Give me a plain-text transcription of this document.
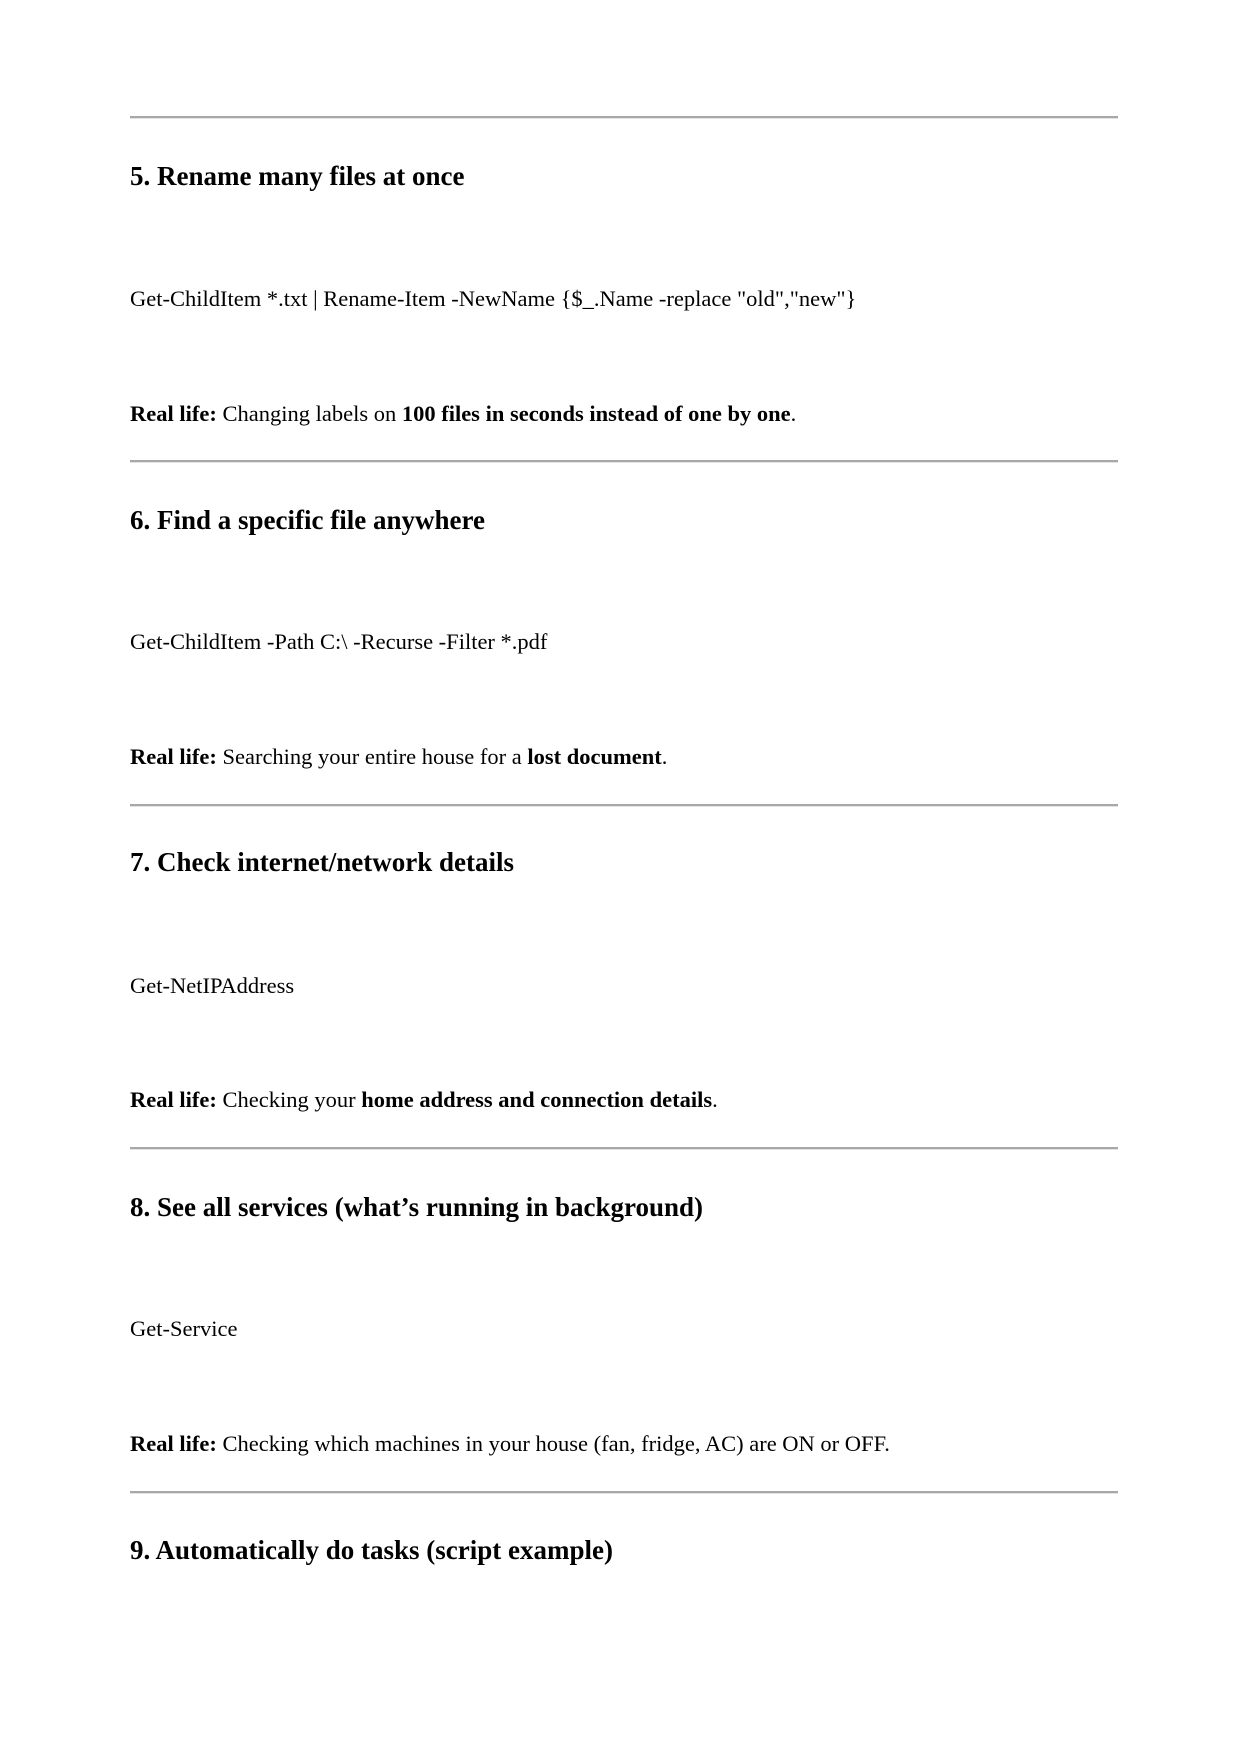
5. Rename many files at once

Get-ChildItem *.txt | Rename-Item -NewName {$_.Name -replace "old","new"}

Real life: Changing labels on 100 files in seconds instead of one by one.

6. Find a specific file anywhere

Get-ChildItem -Path C:\ -Recurse -Filter *.pdf

Real life: Searching your entire house for a lost document.

7. Check internet/network details

Get-NetIPAddress

Real life: Checking your home address and connection details.

8. See all services (what’s running in background)

Get-Service

Real life: Checking which machines in your house (fan, fridge, AC) are ON or OFF.

9. Automatically do tasks (script example)
